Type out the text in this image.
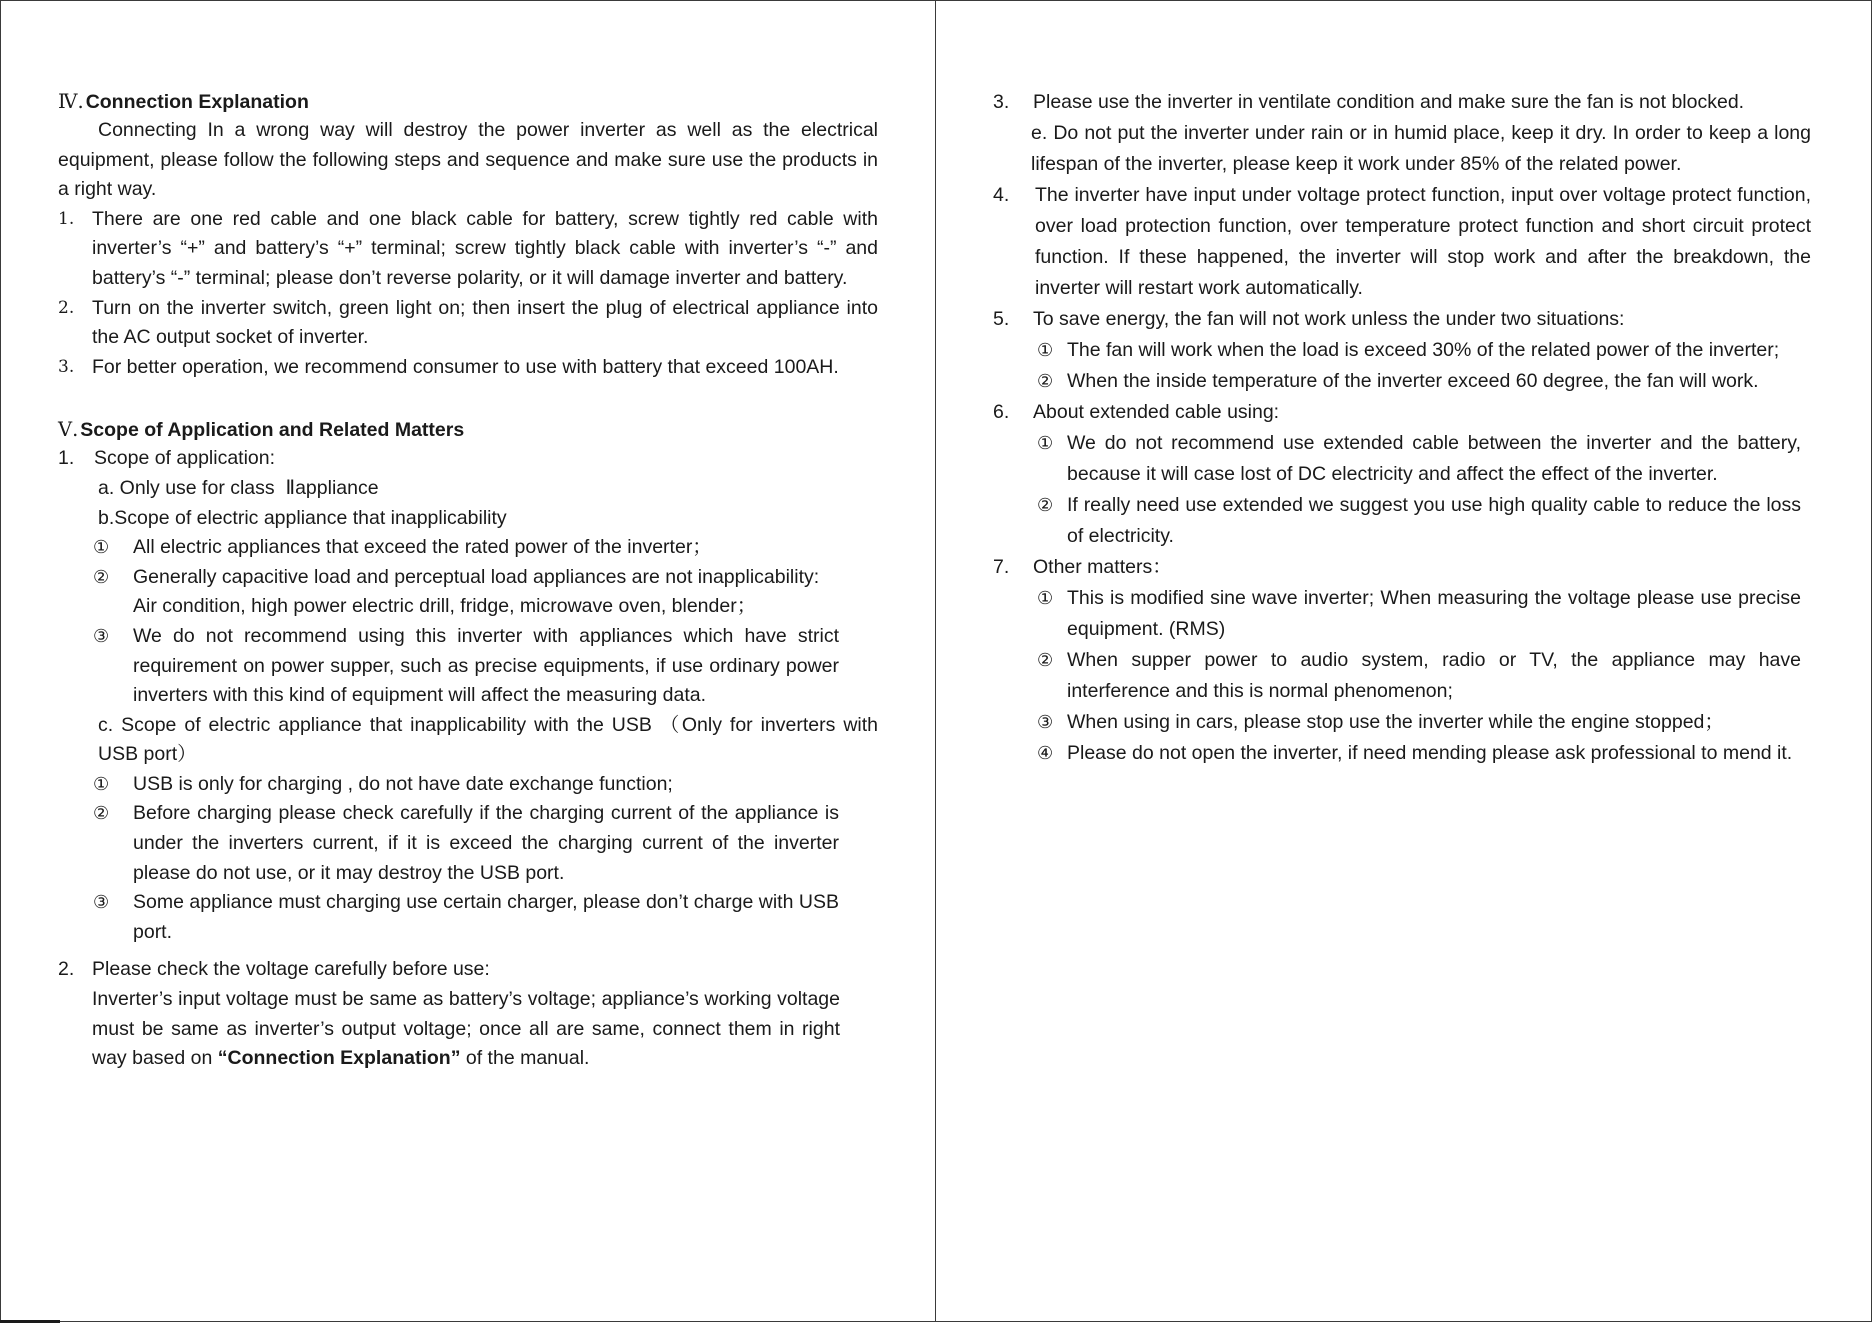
Ⅳ. Connection Explanation
Connecting In a wrong way will destroy the power inverter as well as the electrical equipment, please follow the following steps and sequence and make sure use the products in a right way.
1. There are one red cable and one black cable for battery, screw tightly red cable with inverter’s “+” and battery’s “+” terminal; screw tightly black cable with inverter’s “-” and battery’s “-” terminal; please don’t reverse polarity, or it will damage inverter and battery.
2. Turn on the inverter switch, green light on; then insert the plug of electrical appliance into the AC output socket of inverter.
3. For better operation, we recommend consumer to use with battery that exceed 100AH.
Ⅴ. Scope of Application and Related Matters
1. Scope of application:
a. Only use for class  Ⅱappliance
b.Scope of electric appliance that inapplicability
① All electric appliances that exceed the rated power of the inverter；
② Generally capacitive load and perceptual load appliances are not inapplicability:
Air condition, high power electric drill, fridge, microwave oven, blender；
③ We do not recommend using this inverter with appliances which have strict requirement on power supper, such as precise equipments, if use ordinary power inverters with this kind of equipment will affect the measuring data.
c. Scope of electric appliance that inapplicability with the USB （Only for inverters with USB port）
① USB is only for charging , do not have date exchange function;
② Before charging please check carefully if the charging current of the appliance is under the inverters current, if it is exceed the charging current of the inverter please do not use, or it may destroy the USB port.
③ Some appliance must charging use certain charger, please don’t charge with USB port.
2. Please check the voltage carefully before use:
Inverter’s input voltage must be same as battery’s voltage; appliance’s working voltage must be same as inverter’s output voltage; once all are same, connect them in right way based on “Connection Explanation” of the manual.
3. Please use the inverter in ventilate condition and make sure the fan is not blocked.
e. Do not put the inverter under rain or in humid place, keep it dry. In order to keep a long lifespan of the inverter, please keep it work under 85% of the related power.
4. The inverter have input under voltage protect function, input over voltage protect function, over load protection function, over temperature protect function and short circuit protect function. If these happened, the inverter will stop work and after the breakdown, the inverter will restart work automatically.
5. To save energy, the fan will not work unless the under two situations:
① The fan will work when the load is exceed 30% of the related power of the inverter;
② When the inside temperature of the inverter exceed 60 degree, the fan will work.
6. About extended cable using:
① We do not recommend use extended cable between the inverter and the battery, because it will case lost of DC electricity and affect the effect of the inverter.
② If really need use extended we suggest you use high quality cable to reduce the loss of electricity.
7. Other matters：
① This is modified sine wave inverter; When measuring the voltage please use precise equipment. (RMS)
② When supper power to audio system, radio or TV, the appliance may have interference and this is normal phenomenon;
③ When using in cars, please stop use the inverter while the engine stopped；
④ Please do not open the inverter, if need mending please ask professional to mend it.
